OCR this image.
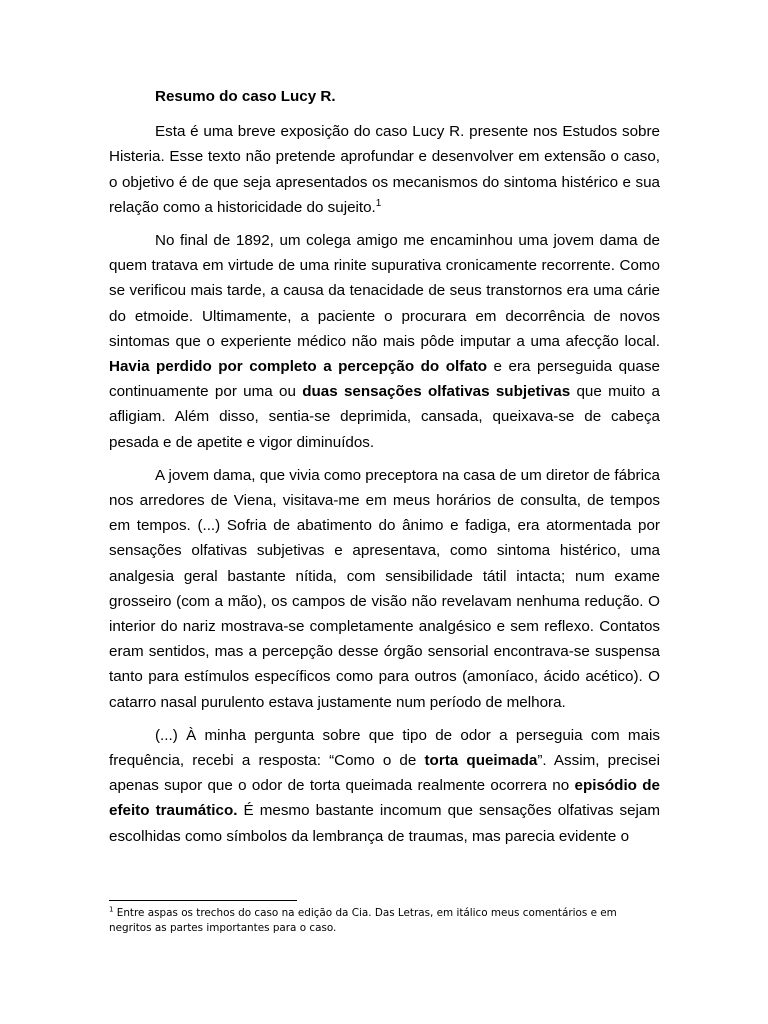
Resumo do caso Lucy R.

Esta é uma breve exposição do caso Lucy R. presente nos Estudos sobre Histeria. Esse texto não pretende aprofundar e desenvolver em extensão o caso, o objetivo é de que seja apresentados os mecanismos do sintoma histérico e sua relação como a historicidade do sujeito.$^1$

No final de 1892, um colega amigo me encaminhou uma jovem dama de quem tratava em virtude de uma rinite supurativa cronicamente recorrente. Como se verificou mais tarde, a causa da tenacidade de seus transtornos era uma cárie do etmoide. Ultimamente, a paciente o procurara em decorrência de novos sintomas que o experiente médico não mais pôde imputar a uma afecção local. Havia perdido por completo a percepção do olfato e era perseguida quase continuamente por uma ou duas sensações olfativas subjetivas que muito a afligiam. Além disso, sentia-se deprimida, cansada, queixava-se de cabeça pesada e de apetite e vigor diminuídos.

A jovem dama, que vivia como preceptora na casa de um diretor de fábrica nos arredores de Viena, visitava-me em meus horários de consulta, de tempos em tempos. (...) Sofria de abatimento do ânimo e fadiga, era atormentada por sensações olfativas subjetivas e apresentava, como sintoma histérico, uma analgesia geral bastante nítida, com sensibilidade tátil intacta; num exame grosseiro (com a mão), os campos de visão não revelavam nenhuma redução. O interior do nariz mostrava-se completamente analgésico e sem reflexo. Contatos eram sentidos, mas a percepção desse órgão sensorial encontrava-se suspensa tanto para estímulos específicos como para outros (amoníaco, ácido acético). O catarro nasal purulento estava justamente num período de melhora.

(...) À minha pergunta sobre que tipo de odor a perseguia com mais frequência, recebi a resposta: “Como o de torta queimada”. Assim, precisei apenas supor que o odor de torta queimada realmente ocorrera no episódio de efeito traumático. É mesmo bastante incomum que sensações olfativas sejam escolhidas como símbolos da lembrança de traumas, mas parecia evidente o

$^1$ Entre aspas os trechos do caso na edição da Cia. Das Letras, em itálico meus comentários e em negritos as partes importantes para o caso.
